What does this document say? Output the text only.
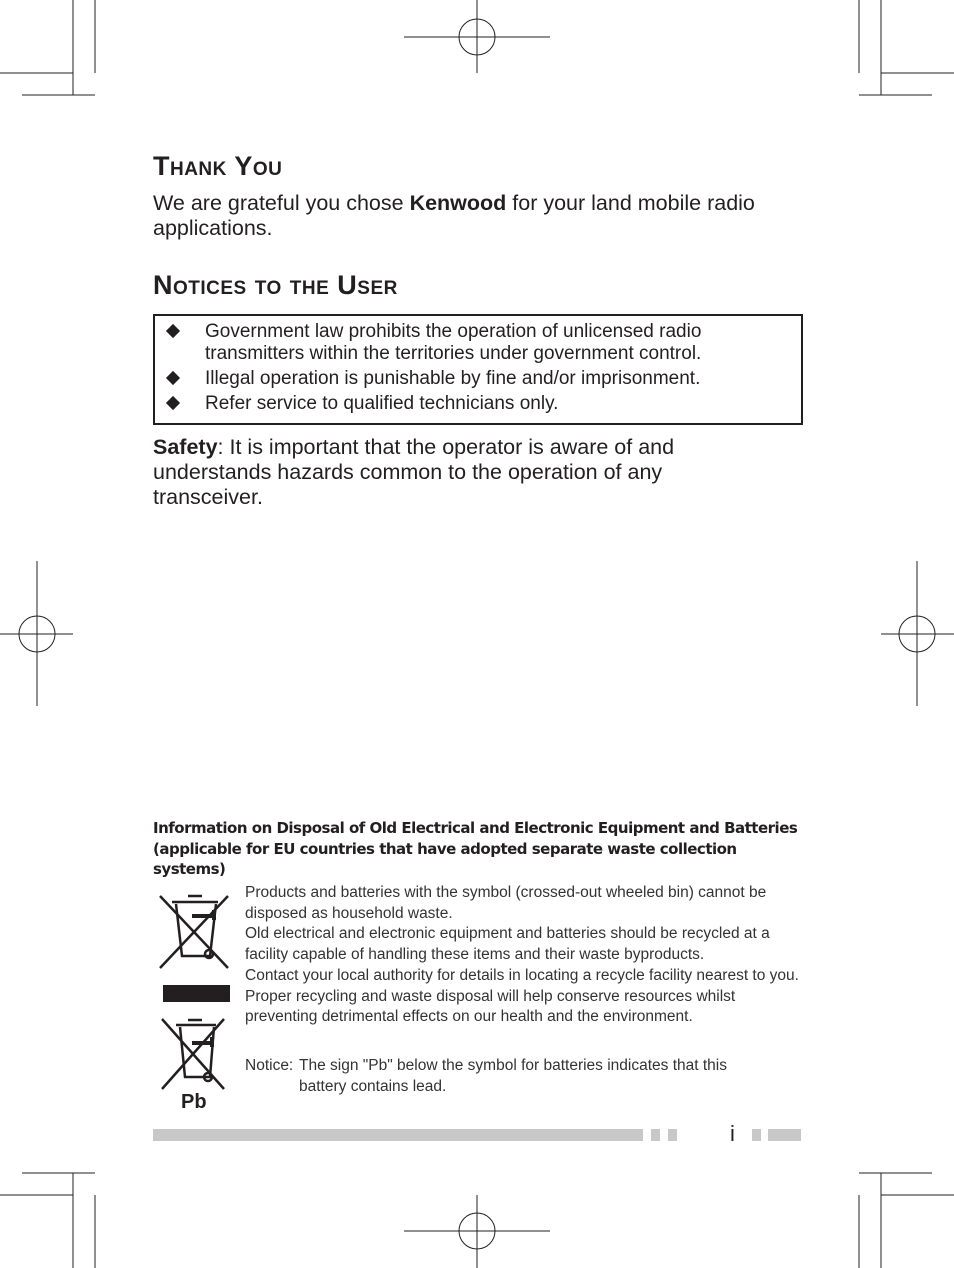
Thank You

We are grateful you chose Kenwood for your land mobile radio applications.

Notices to the User
Government law prohibits the operation of unlicensed radio transmitters within the territories under government control.
Illegal operation is punishable by fine and/or imprisonment.
Refer service to qualified technicians only.

Safety: It is important that the operator is aware of and understands hazards common to the operation of any transceiver.

Information on Disposal of Old Electrical and Electronic Equipment and Batteries (applicable for EU countries that have adopted separate waste collection systems)

Pb

Products and batteries with the symbol (crossed-out wheeled bin) cannot be disposed as household waste.

Old electrical and electronic equipment and batteries should be recycled at a facility capable of handling these items and their waste byproducts.

Contact your local authority for details in locating a recycle facility nearest to you.

Proper recycling and waste disposal will help conserve resources whilst preventing detrimental effects on our health and the environment.

Notice: The sign "Pb" below the symbol for batteries indicates that this battery contains lead.
i
